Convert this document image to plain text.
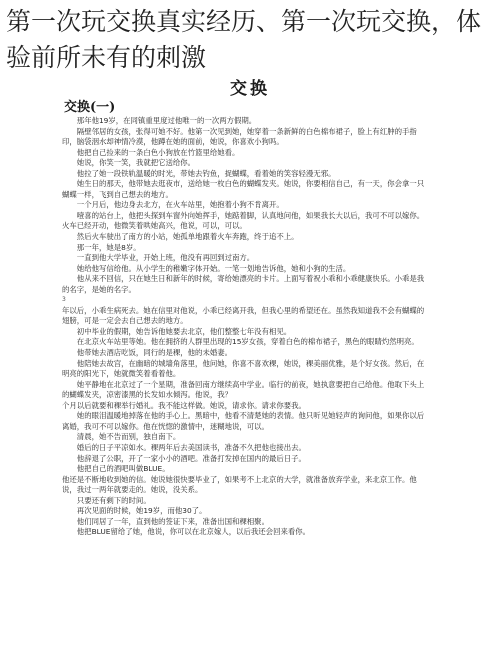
第一次玩交换真实经历、第一次玩交换，体验前所未有的刺激
交换
交换(一)

那年他19岁，在同镇重里度过他唯一的一次两方假期。

隔壁邻居的女孩，张得可她不好。他第一次见到她，她穿着一条新鲜的白色棉布裙子，脸上有红肿的手指印，脑袋洇水却神情冷漠，他蹲在她的面前，她说，你喜欢小狗吗。

他把自己捡来的一条白色小狗放在竹篮里给她看。

她说，你笑一笑，我就把它送给你。

他拉了她一段铁轨温暖的时光，带她去钓鱼，捉蝴蝶，看着她的笑容轻漫无邪。

她生日的那天，他带她去逛夜市，送给她一枚白色的蝴蝶发夹。她说，你要相信自己，有一天，你会拿一只蝴蝶一样，飞到自己想去的地方。

一个月后，他边身去北方，在火车站里，她抱着小狗不肯离开。

噎喜的站台上，他把头探到车窗外向她挥手，她踮着脚，认真地问他，如果我长大以后，我可不可以嫁你。火车已经开动，他微笑着哄她高兴，他说，可以，可以。

然后火车驶出了南方的小站，她孤单地跟着火车奔跑，终于追不上。

那一年，她是8岁。

一直到他大学毕业，开始上班，他没有再回到过南方。

她给他写信给他。从小学生的稚嫩字体开始。一笔一划地告诉他，她和小狗的生活。

他从来不回信，只在她生日和新年的时候，寄给她漂亮的卡片。上面写着祝小乖和小乖健康快乐。小乖是我的名字，是她的名字。

3

年以后，小乖生病死去。她在信里对他说，小乖已经离开我，但我心里的希望还在。虽然我知道我不会有蝴蝶的翅膀，可是一定会去自己想去的地方。

初中毕业的假期，她告诉他她要去北京，他们整整七年没有相见。

在北京火车站里等她。他在拥挤的人群里出现的15岁女孩，穿着白色的棉布裙子，黑色的眼睛灼然明亮。

他带她去酒店吃饭，同行的是稞，他的未婚妻。

他陪她去故宫，在幽暗的城墙角落里，他问她，你喜不喜欢稞，她说，稞美丽优雅，是个好女孩。然后，在明亮的阳光下，她就微笑着看着他。

她平静地在北京过了一个星期，准备回南方继续高中学业。临行的前夜，她执意要把自己给他。他取下头上的蝴蝶发夹，凉密漆黑的长发如水倾泻。他说，我？

个月以后就要和稞举行婚礼。我不能这样做。她说，请求你。请求你要我。

她的眼泪温暖地掉落在他的手心上。黑暗中，他看不清楚她的表情。他只听见她轻声的询问他，如果你以后离婚，我可不可以嫁你。他在恍惚的激情中，迷糊地说，可以。

清晨，她不告而别，独自南下。

婚后的日子平凉如水。稞两年后去美国读书，准备不久把他也接出去。

他辞退了公职，开了一家小小的酒吧。准备打发掉在国内的最后日子。

他把自己的酒吧叫做BLUE。

他还是不断地收到她的信。她说她很快要毕业了，如果考不上北京的大学，就准备放弃学业，来北京工作。他说，我过一两年就要走的。她说，没关系。

只要还有剩下的时间。

再次见面的时候，她19岁，而他30了。

他们同居了一年，直到他的签证下来，准备出国和稞相聚。

他把BLUE留给了她，他说，你可以在北京嫁人，以后我还会回来看你。
